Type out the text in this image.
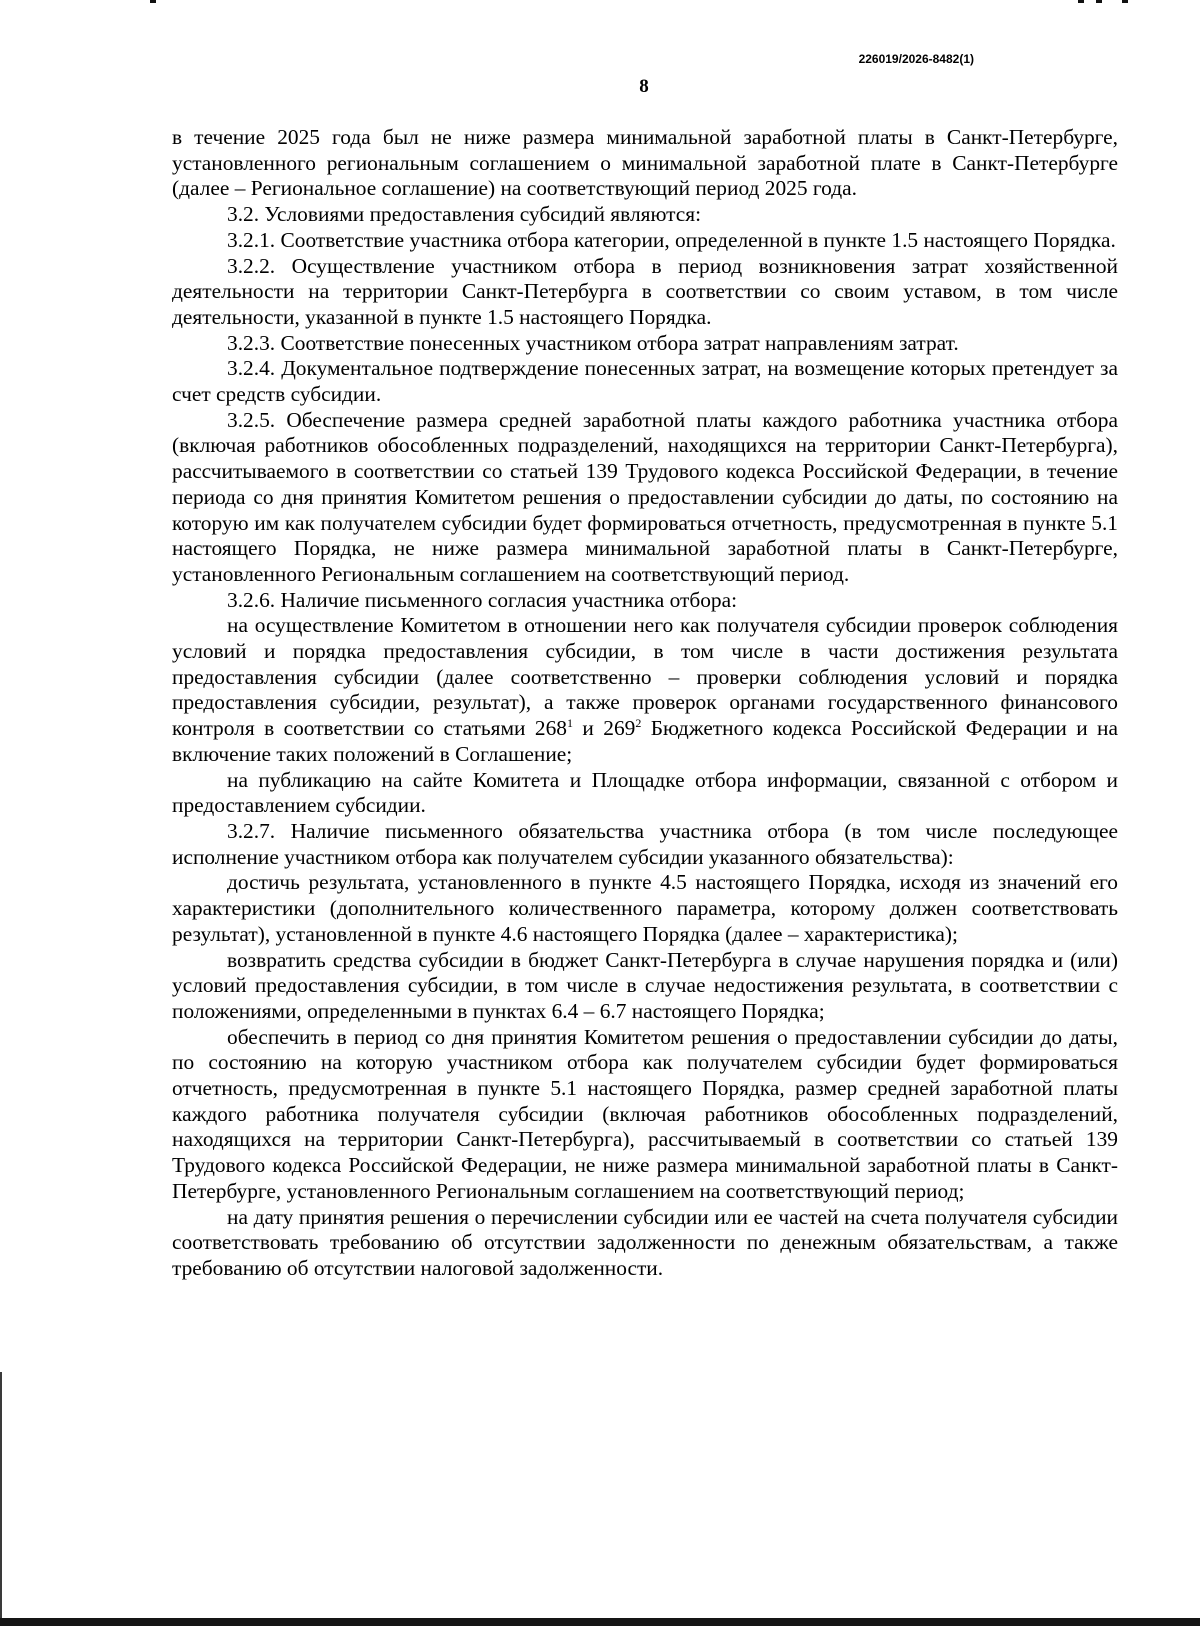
226019/2026-8482(1)
8

в течение 2025 года был не ниже размера минимальной заработной платы в Санкт-Петербурге, установленного региональным соглашением о минимальной заработной плате в Санкт-Петербурге (далее – Региональное соглашение) на соответствующий период 2025 года.

3.2. Условиями предоставления субсидий являются:

3.2.1. Соответствие участника отбора категории, определенной в пункте 1.5 настоящего Порядка.

3.2.2. Осуществление участником отбора в период возникновения затрат хозяйственной деятельности на территории Санкт-Петербурга в соответствии со своим уставом, в том числе деятельности, указанной в пункте 1.5 настоящего Порядка.

3.2.3. Соответствие понесенных участником отбора затрат направлениям затрат.

3.2.4. Документальное подтверждение понесенных затрат, на возмещение которых претендует за счет средств субсидии.

3.2.5. Обеспечение размера средней заработной платы каждого работника участника отбора (включая работников обособленных подразделений, находящихся на территории Санкт-Петербурга), рассчитываемого в соответствии со статьей 139 Трудового кодекса Российской Федерации, в течение периода со дня принятия Комитетом решения о предоставлении субсидии до даты, по состоянию на которую им как получателем субсидии будет формироваться отчетность, предусмотренная в пункте 5.1 настоящего Порядка, не ниже размера минимальной заработной платы в Санкт-Петербурге, установленного Региональным соглашением на соответствующий период.

3.2.6. Наличие письменного согласия участника отбора:

на осуществление Комитетом в отношении него как получателя субсидии проверок соблюдения условий и порядка предоставления субсидии, в том числе в части достижения результата предоставления субсидии (далее соответственно – проверки соблюдения условий и порядка предоставления субсидии, результат), а также проверок органами государственного финансового контроля в соответствии со статьями $268^1$ и $269^2$ Бюджетного кодекса Российской Федерации и на включение таких положений в Соглашение;

на публикацию на сайте Комитета и Площадке отбора информации, связанной с отбором и предоставлением субсидии.

3.2.7. Наличие письменного обязательства участника отбора (в том числе последующее исполнение участником отбора как получателем субсидии указанного обязательства):

достичь результата, установленного в пункте 4.5 настоящего Порядка, исходя из значений его характеристики (дополнительного количественного параметра, которому должен соответствовать результат), установленной в пункте 4.6 настоящего Порядка (далее – характеристика);

возвратить средства субсидии в бюджет Санкт-Петербурга в случае нарушения порядка и (или) условий предоставления субсидии, в том числе в случае недостижения результата, в соответствии с положениями, определенными в пунктах 6.4 – 6.7 настоящего Порядка;

обеспечить в период со дня принятия Комитетом решения о предоставлении субсидии до даты, по состоянию на которую участником отбора как получателем субсидии будет формироваться отчетность, предусмотренная в пункте 5.1 настоящего Порядка, размер средней заработной платы каждого работника получателя субсидии (включая работников обособленных подразделений, находящихся на территории Санкт-Петербурга), рассчитываемый в соответствии со статьей 139 Трудового кодекса Российской Федерации, не ниже размера минимальной заработной платы в Санкт-Петербурге, установленного Региональным соглашением на соответствующий период;

на дату принятия решения о перечислении субсидии или ее частей на счета получателя субсидии соответствовать требованию об отсутствии задолженности по денежным обязательствам, а также требованию об отсутствии налоговой задолженности.
